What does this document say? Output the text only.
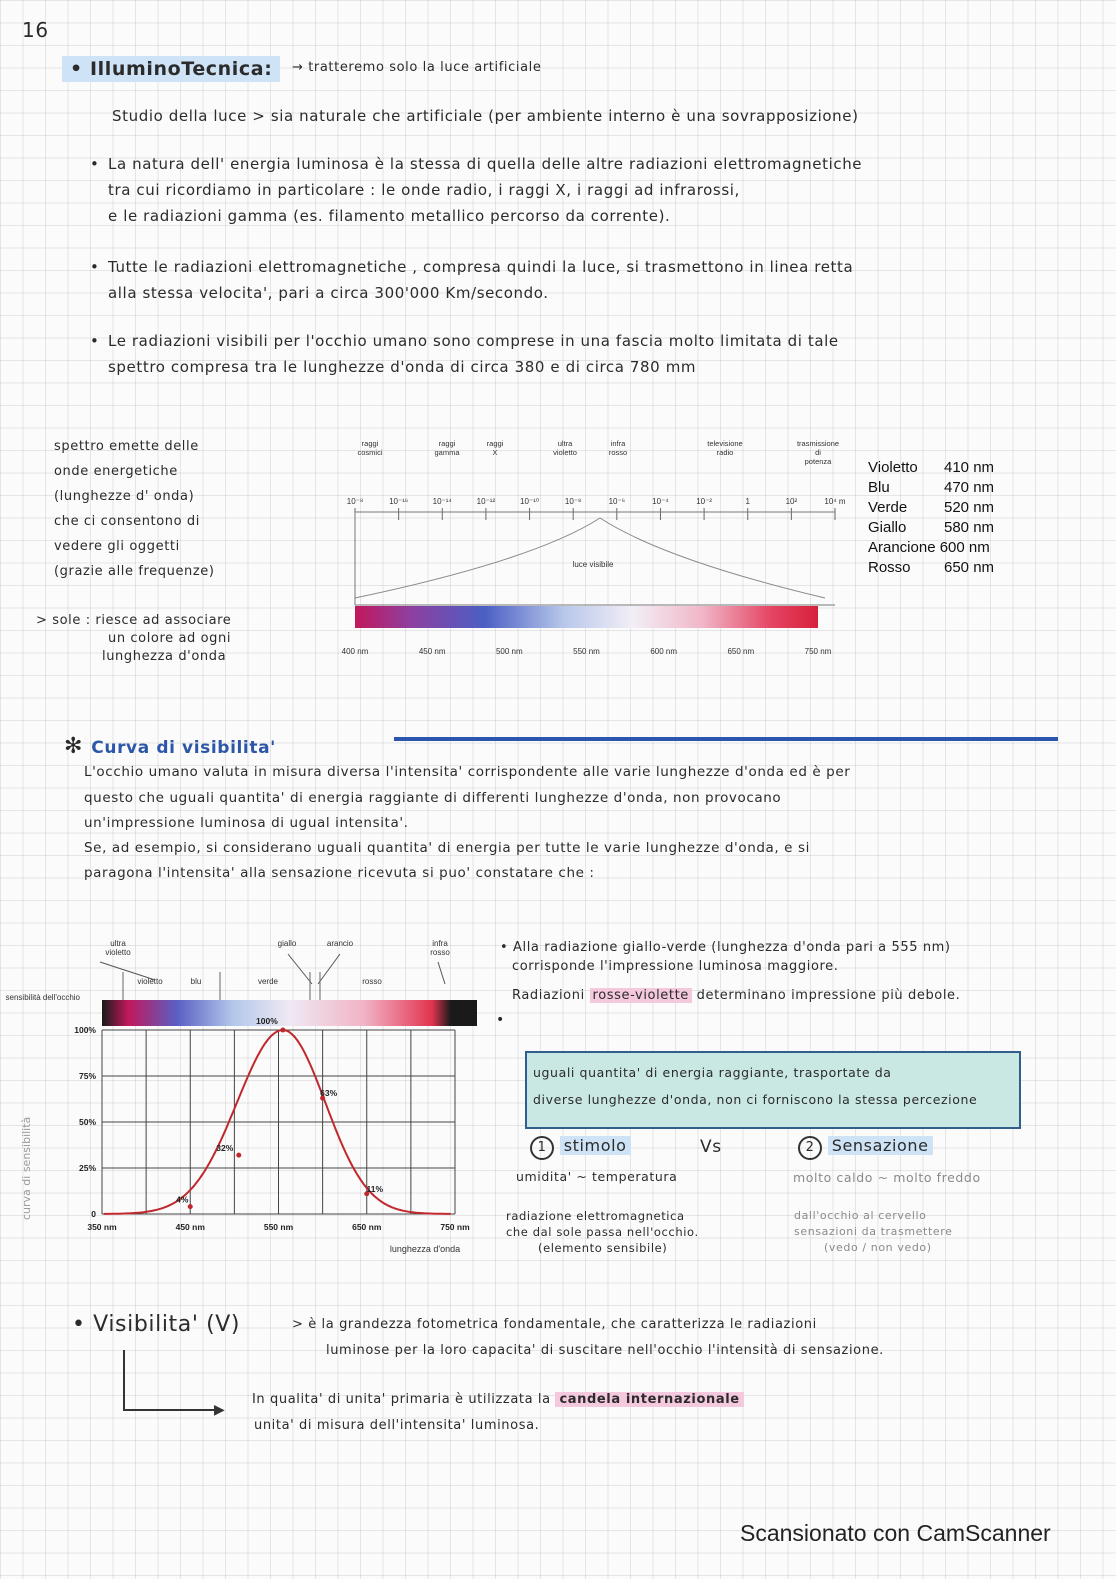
16
• IlluminoTecnica:	→ tratteremo solo la luce artificiale
Studio della luce > sia naturale che artificiale (per ambiente interno è una sovrapposizione)
• La natura dell' energia luminosa è la stessa di quella delle altre radiazioni elettromagnetiche
tra cui ricordiamo in particolare : le onde radio, i raggi X, i raggi ad infrarossi,
e le radiazioni gamma (es. filamento metallico percorso da corrente).
• Tutte le radiazioni elettromagnetiche , compresa quindi la luce, si trasmettono in linea retta
alla stessa velocita', pari a circa 300'000 Km/secondo.
• Le radiazioni visibili per l'occhio umano sono comprese in una fascia molto limitata di tale
spettro compresa tra le lunghezze d'onda di circa 380 e di circa 780 mm
spettro emette delle
onde energetiche
(lunghezze d' onda)
che ci consentono di
vedere gli oggetti
(grazie alle frequenze)
> sole : riesce ad associare
un colore ad ogni
lunghezza d'onda
raggi cosmici
raggi gamma
raggi X
ultra violetto
infra rosso
televisione radio
trasmissione di potenza
10⁻⁸	10⁻¹⁶	10⁻¹⁴	10⁻¹²	10⁻¹⁰	10⁻⁸	10⁻⁶	10⁻⁴	10⁻²	1	10²	10⁴ m
luce visibile
400 nm	450 nm	500 nm	550 nm	600 nm	650 nm	750 nm
Violetto 410 nm
Blu	470 nm
Verde 520 nm
Giallo	580 nm
Arancione 600 nm
Rosso 650 nm
✻ Curva di visibilita'
L'occhio umano valuta in misura diversa l'intensita' corrispondente alle varie lunghezze d'onda ed è per
questo che uguali quantita' di energia raggiante di differenti lunghezze d'onda, non provocano
un'impressione luminosa di ugual intensita'.
Se, ad esempio, si considerano uguali quantita' di energia per tutte le varie lunghezze d'onda, e si
paragona l'intensita' alla sensazione ricevuta si puo' constatare che :
ultra violetto
giallo	arancio	infra rosso
violetto	blu	verde	rosso
sensibilità dell'occhio
100%
75%
50%
25%
0
350 nm	450 nm	550 nm	650 nm	750 nm
4%
32%
100%
63%
11%
lunghezza d'onda
curva di sensibilità
• Alla radiazione giallo-verde (lunghezza d'onda pari a 555 nm)
corrisponde l'impressione luminosa maggiore.
Radiazioni rosse-violette determinano impressione più debole.
•
uguali quantita' di energia raggiante, trasportate da
diverse lunghezze d'onda, non ci forniscono la stessa percezione
1 stimolo	Vs	2 Sensazione
umidita' ~ temperatura	molto caldo ~ molto freddo
radiazione elettromagnetica
che dal sole passa nell'occhio.
(elemento sensibile)
dall'occhio al cervello
sensazioni da trasmettere
(vedo / non vedo)
• Visibilita' (V)	> è la grandezza fotometrica fondamentale, che caratterizza le radiazioni
luminose per la loro capacita' di suscitare nell'occhio l'intensità di sensazione.
▶
In qualita' di unita' primaria è utilizzata la candela internazionale
unita' di misura dell'intensita' luminosa.
Scansionato con CamScanner
